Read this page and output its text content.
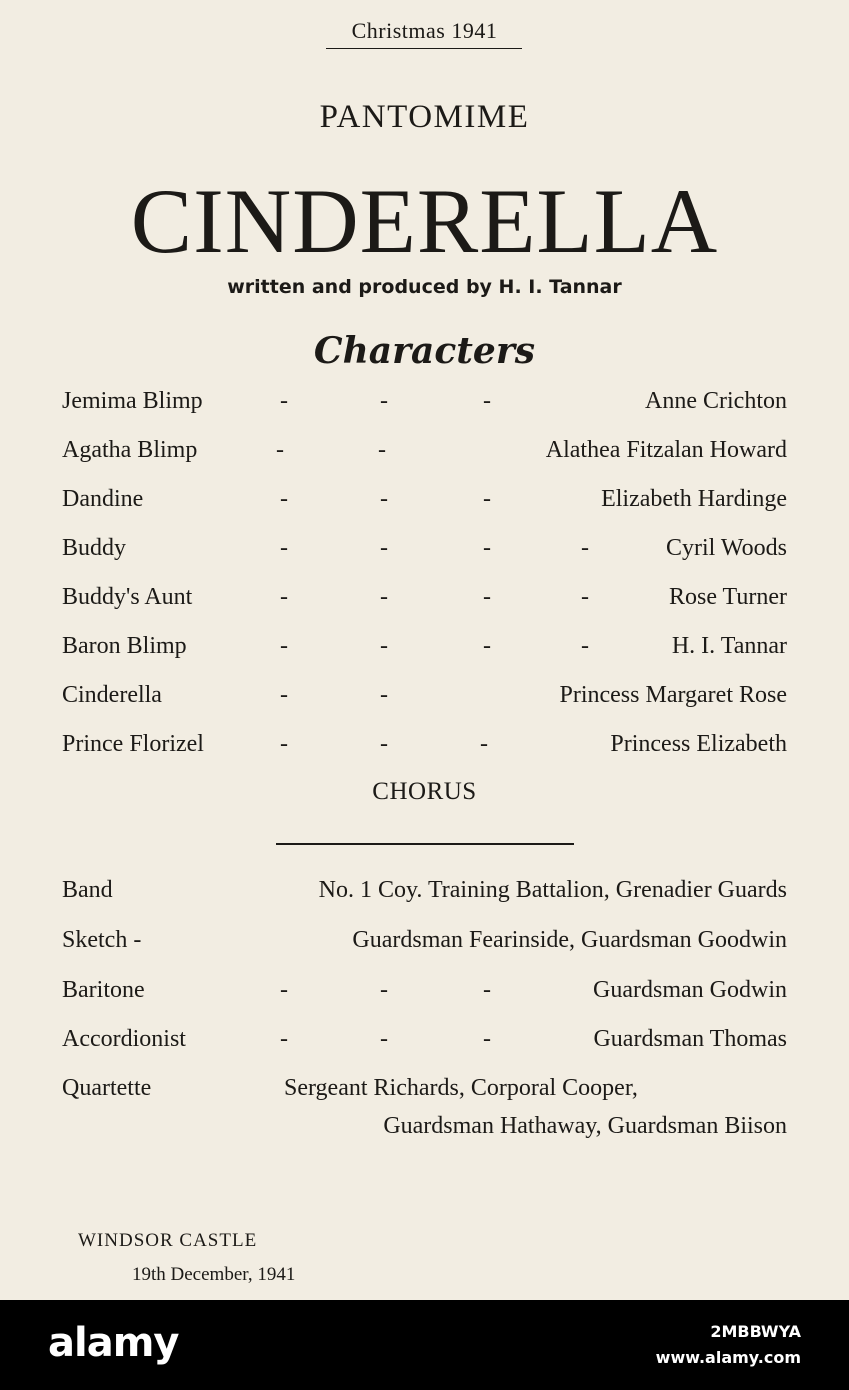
Christmas 1941
PANTOMIME
CINDERELLA
written and produced by H. I. Tannar
Characters
Jemima Blimp	-	-	-	Anne Crichton
Agatha Blimp	-	-	Alathea Fitzalan Howard
Dandine	-	-	-	Elizabeth Hardinge
Buddy	-	-	-	-	Cyril Woods
Buddy's Aunt	-	-	-	-	Rose Turner
Baron Blimp	-	-	-	-	H. I. Tannar
Cinderella	-	-	Princess Margaret Rose
Prince Florizel	-	-	-	Princess Elizabeth
CHORUS
Band	No. 1 Coy. Training Battalion, Grenadier Guards
Sketch -	Guardsman Fearinside, Guardsman Goodwin
Baritone	-	-	-	Guardsman Godwin
Accordionist	-	-	-	Guardsman Thomas
Quartette	Sergeant Richards, Corporal Cooper,
Guardsman Hathaway, Guardsman Biison
WINDSOR CASTLE
19th December, 1941
alamy	2MBBWYA
www.alamy.com
